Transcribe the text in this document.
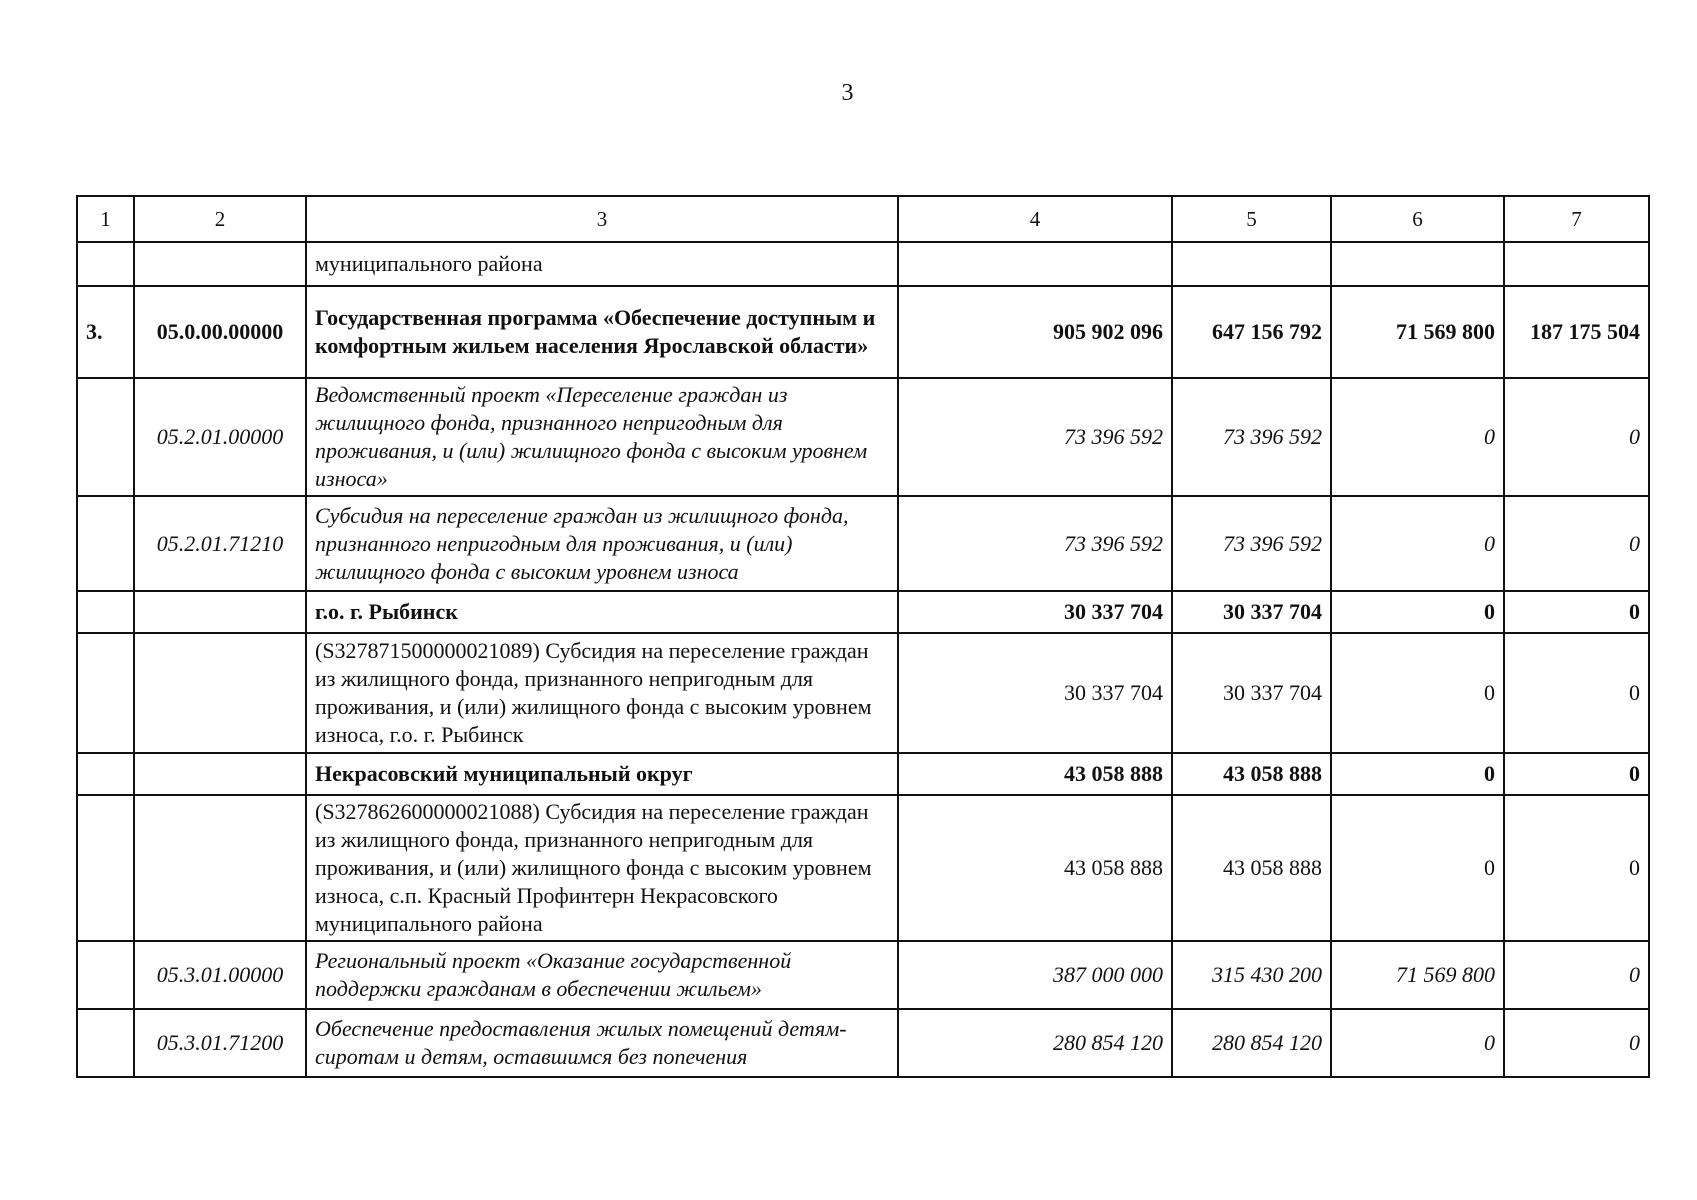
3
1	2	3	4	5	6	7
		муниципального района				
3.	05.0.00.00000	Государственная программа «Обеспечение доступным и комфортным жильем населения Ярославской области»	905 902 096	647 156 792	71 569 800	187 175 504
	05.2.01.00000	Ведомственный проект «Переселение граждан из жилищного фонда, признанного непригодным для проживания, и (или) жилищного фонда с высоким уровнем износа»	73 396 592	73 396 592	0	0
	05.2.01.71210	Субсидия на переселение граждан из жилищного фонда, признанного непригодным для проживания, и (или) жилищного фонда с высоким уровнем износа	73 396 592	73 396 592	0	0
		г.о. г. Рыбинск	30 337 704	30 337 704	0	0
		(S327871500000021089) Субсидия на переселение граждан из жилищного фонда, признанного непригодным для проживания, и (или) жилищного фонда с высоким уровнем износа, г.о. г. Рыбинск	30 337 704	30 337 704	0	0
		Некрасовский муниципальный округ	43 058 888	43 058 888	0	0
		(S327862600000021088) Субсидия на переселение граждан из жилищного фонда, признанного непригодным для проживания, и (или) жилищного фонда с высоким уровнем износа, с.п. Красный Профинтерн Некрасовского муниципального района	43 058 888	43 058 888	0	0
	05.3.01.00000	Региональный проект «Оказание государственной поддержки гражданам в обеспечении жильем»	387 000 000	315 430 200	71 569 800	0
	05.3.01.71200	Обеспечение предоставления жилых помещений детям-сиротам и детям, оставшимся без попечения	280 854 120	280 854 120	0	0
